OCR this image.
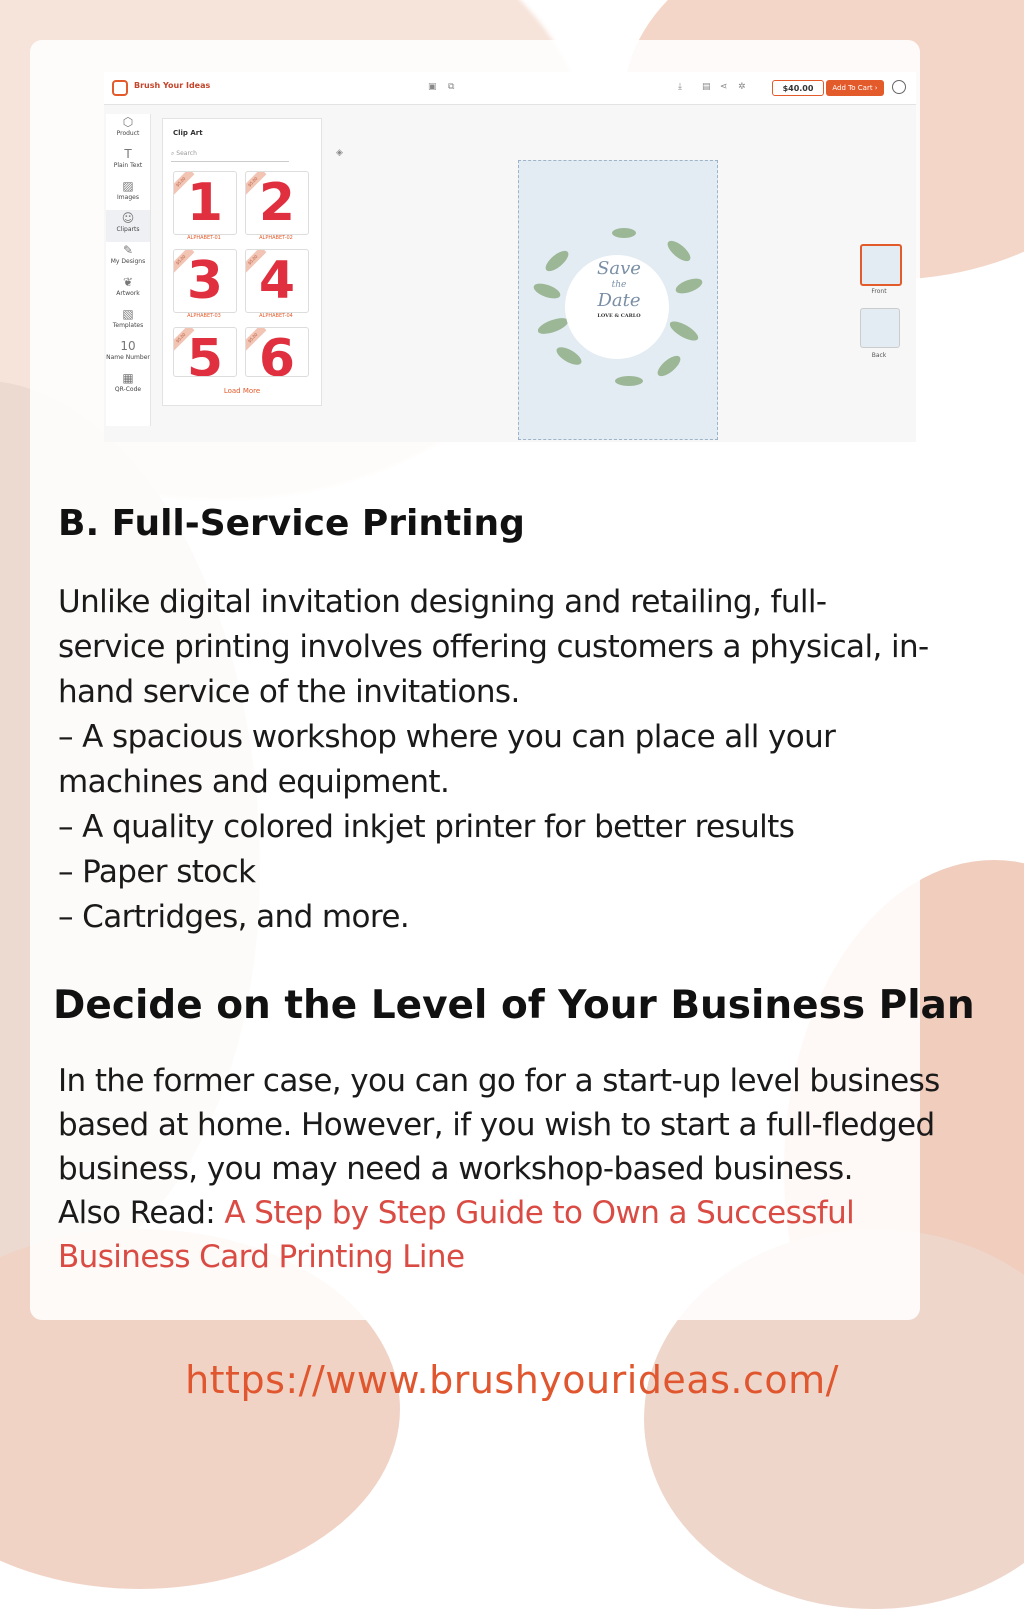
Brush Your Ideas	▣ ⧉	⤓ ▤ ⋖ ✲	$40.00	Add To Cart ›
⬡
Product
T
Plain Text
▨
Images
☺
Cliparts
✎
My Designs
❦
Artwork
▧
Templates
10
Name Number
▦
QR-Code
Clip Art
⌕ Search
$5.00 1	$5.00 2
ALPHABET-01	ALPHABET-02
$5.00 3	$5.00 4
ALPHABET-03	ALPHABET-04
$5.00 5	$5.00 6
Load More
◈
Save
the
Date
LOVE & CARLO
Front
Back
B. Full-Service Printing

Unlike digital invitation designing and retailing, full-

service printing involves offering customers a physical, in-

hand service of the invitations.

– A spacious workshop where you can place all your

machines and equipment.

– A quality colored inkjet printer for better results

– Paper stock

– Cartridges, and more.

Decide on the Level of Your Business Plan

In the former case, you can go for a start-up level business

based at home. However, if you wish to start a full-fledged

business, you may need a workshop-based business.

Also Read: A Step by Step Guide to Own a Successful

Business Card Printing Line

https://www.brushyourideas.com/
